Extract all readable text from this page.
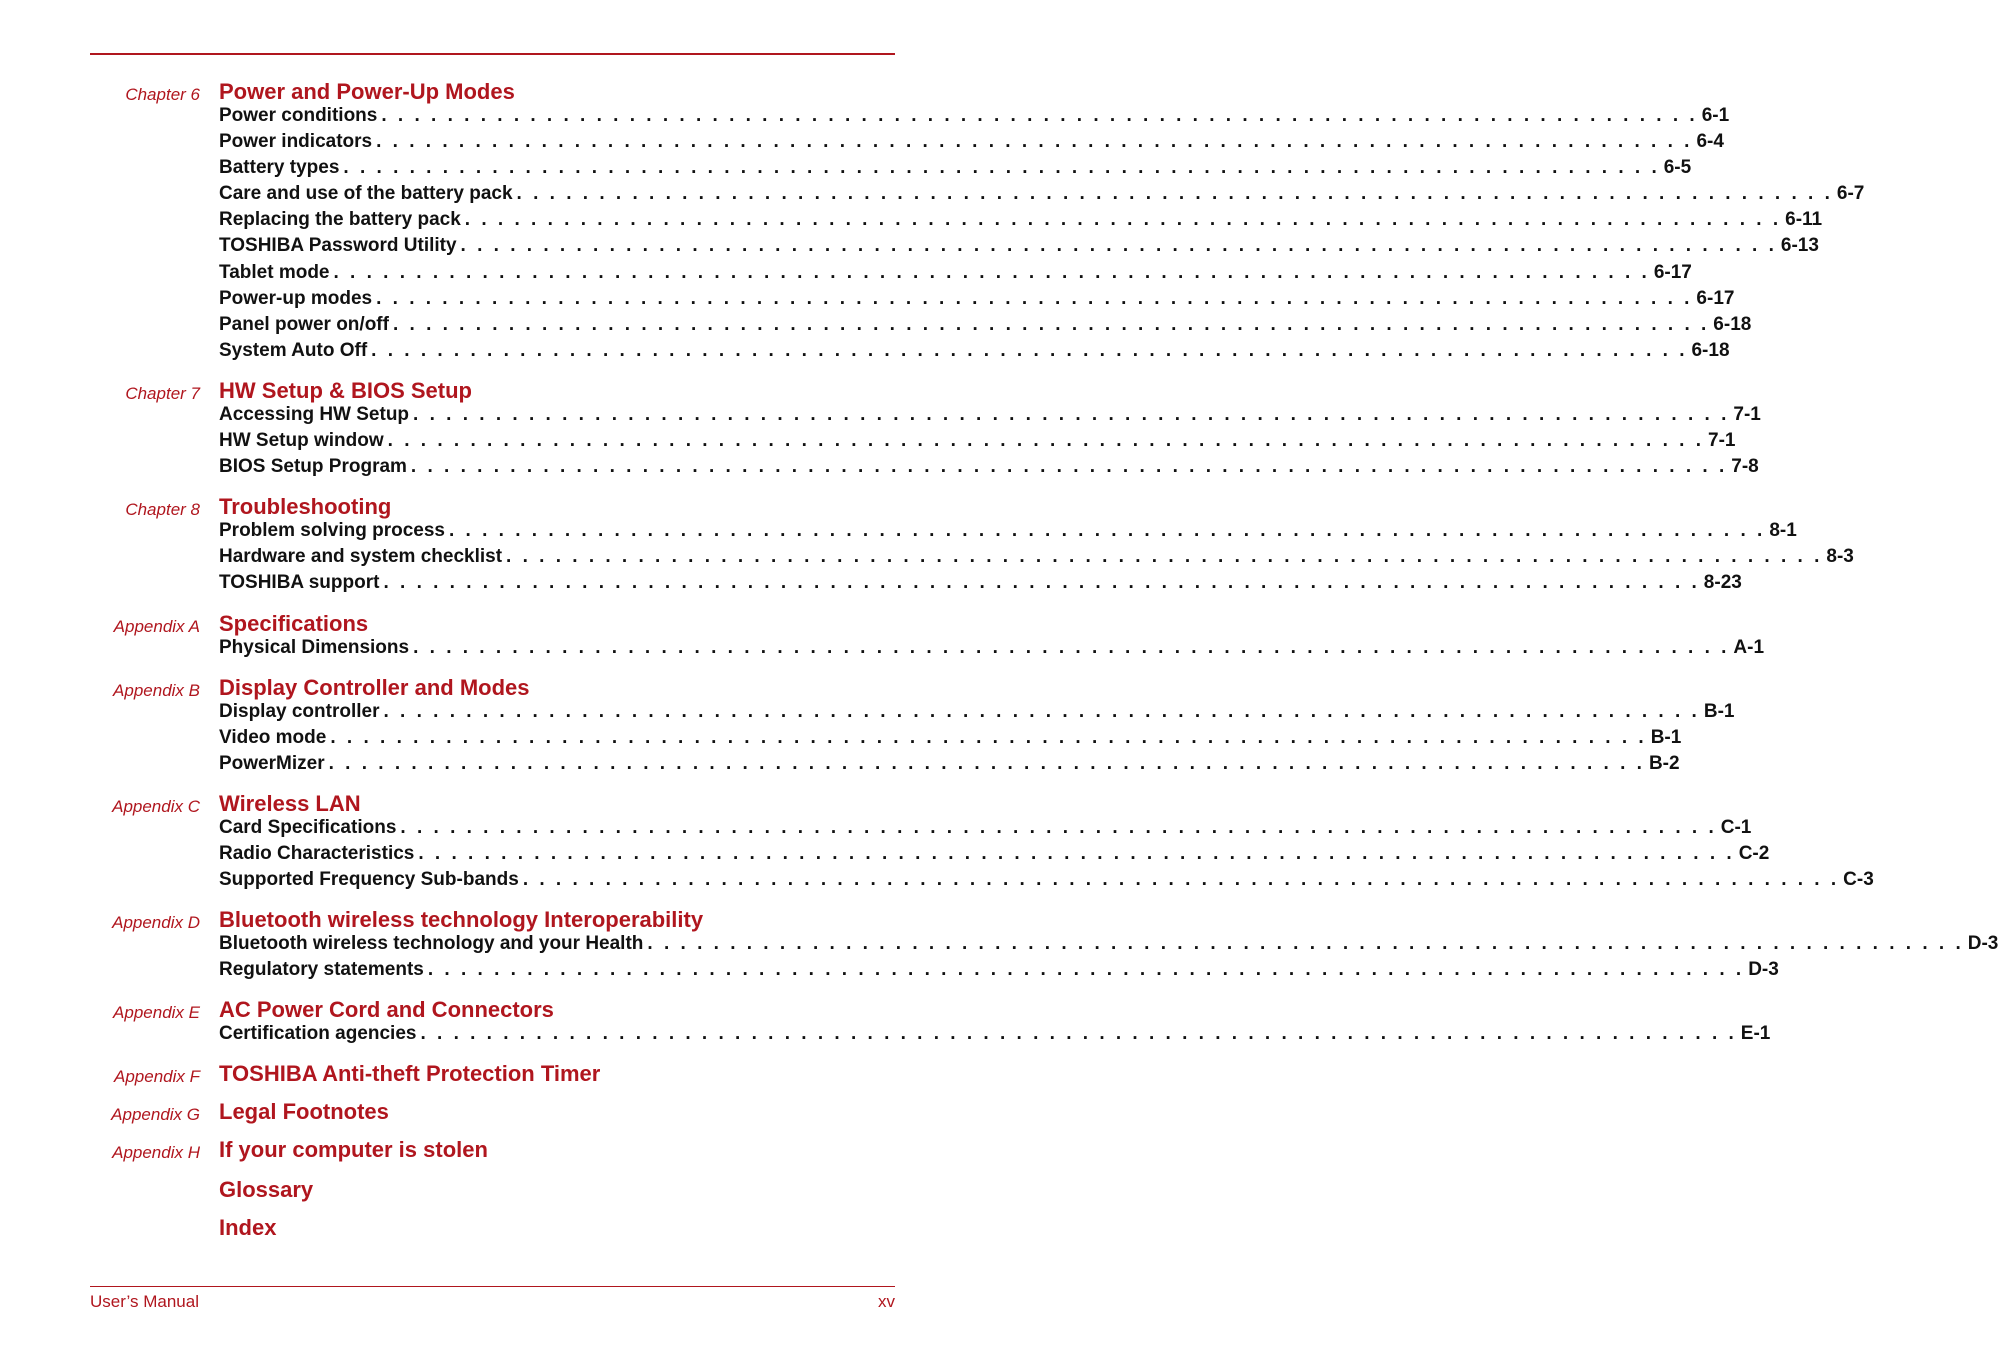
Chapter 6 Power and Power-Up Modes
Power conditions . . . . . . . . . . . . . . . . . . . . . . . . . . . . . . . . . . . . . . . . . . . . . . . . . . . . . . . . . . . . . . . . . . . . . . . . . . . . . . . . 6-1
Power indicators . . . . . . . . . . . . . . . . . . . . . . . . . . . . . . . . . . . . . . . . . . . . . . . . . . . . . . . . . . . . . . . . . . . . . . . . . . . . . . . . 6-4
Battery types . . . . . . . . . . . . . . . . . . . . . . . . . . . . . . . . . . . . . . . . . . . . . . . . . . . . . . . . . . . . . . . . . . . . . . . . . . . . . . . . 6-5
Care and use of the battery pack . . . . . . . . . . . . . . . . . . . . . . . . . . . . . . . . . . . . . . . . . . . . . . . . . . . . . . . . . . . . . . . . . . . . . . . . . . . . . . . . 6-7
Replacing the battery pack . . . . . . . . . . . . . . . . . . . . . . . . . . . . . . . . . . . . . . . . . . . . . . . . . . . . . . . . . . . . . . . . . . . . . . . . . . . . . . . . 6-11
TOSHIBA Password Utility . . . . . . . . . . . . . . . . . . . . . . . . . . . . . . . . . . . . . . . . . . . . . . . . . . . . . . . . . . . . . . . . . . . . . . . . . . . . . . . . 6-13
Tablet mode . . . . . . . . . . . . . . . . . . . . . . . . . . . . . . . . . . . . . . . . . . . . . . . . . . . . . . . . . . . . . . . . . . . . . . . . . . . . . . . . 6-17
Power-up modes . . . . . . . . . . . . . . . . . . . . . . . . . . . . . . . . . . . . . . . . . . . . . . . . . . . . . . . . . . . . . . . . . . . . . . . . . . . . . . . . 6-17
Panel power on/off . . . . . . . . . . . . . . . . . . . . . . . . . . . . . . . . . . . . . . . . . . . . . . . . . . . . . . . . . . . . . . . . . . . . . . . . . . . . . . . . 6-18
System Auto Off . . . . . . . . . . . . . . . . . . . . . . . . . . . . . . . . . . . . . . . . . . . . . . . . . . . . . . . . . . . . . . . . . . . . . . . . . . . . . . . . 6-18
Chapter 7 HW Setup & BIOS Setup
Accessing HW Setup . . . . . . . . . . . . . . . . . . . . . . . . . . . . . . . . . . . . . . . . . . . . . . . . . . . . . . . . . . . . . . . . . . . . . . . . . . . . . . . . 7-1
HW Setup window . . . . . . . . . . . . . . . . . . . . . . . . . . . . . . . . . . . . . . . . . . . . . . . . . . . . . . . . . . . . . . . . . . . . . . . . . . . . . . . . 7-1
BIOS Setup Program . . . . . . . . . . . . . . . . . . . . . . . . . . . . . . . . . . . . . . . . . . . . . . . . . . . . . . . . . . . . . . . . . . . . . . . . . . . . . . . . 7-8
Chapter 8 Troubleshooting
Problem solving process . . . . . . . . . . . . . . . . . . . . . . . . . . . . . . . . . . . . . . . . . . . . . . . . . . . . . . . . . . . . . . . . . . . . . . . . . . . . . . . . 8-1
Hardware and system checklist . . . . . . . . . . . . . . . . . . . . . . . . . . . . . . . . . . . . . . . . . . . . . . . . . . . . . . . . . . . . . . . . . . . . . . . . . . . . . . . . 8-3
TOSHIBA support . . . . . . . . . . . . . . . . . . . . . . . . . . . . . . . . . . . . . . . . . . . . . . . . . . . . . . . . . . . . . . . . . . . . . . . . . . . . . . . . 8-23
Appendix A Specifications
Physical Dimensions . . . . . . . . . . . . . . . . . . . . . . . . . . . . . . . . . . . . . . . . . . . . . . . . . . . . . . . . . . . . . . . . . . . . . . . . . . . . . . . . A-1
Appendix B Display Controller and Modes
Display controller . . . . . . . . . . . . . . . . . . . . . . . . . . . . . . . . . . . . . . . . . . . . . . . . . . . . . . . . . . . . . . . . . . . . . . . . . . . . . . . . B-1
Video mode . . . . . . . . . . . . . . . . . . . . . . . . . . . . . . . . . . . . . . . . . . . . . . . . . . . . . . . . . . . . . . . . . . . . . . . . . . . . . . . . B-1
PowerMizer . . . . . . . . . . . . . . . . . . . . . . . . . . . . . . . . . . . . . . . . . . . . . . . . . . . . . . . . . . . . . . . . . . . . . . . . . . . . . . . . B-2
Appendix C Wireless LAN
Card Specifications . . . . . . . . . . . . . . . . . . . . . . . . . . . . . . . . . . . . . . . . . . . . . . . . . . . . . . . . . . . . . . . . . . . . . . . . . . . . . . . . C-1
Radio Characteristics . . . . . . . . . . . . . . . . . . . . . . . . . . . . . . . . . . . . . . . . . . . . . . . . . . . . . . . . . . . . . . . . . . . . . . . . . . . . . . . . C-2
Supported Frequency Sub-bands . . . . . . . . . . . . . . . . . . . . . . . . . . . . . . . . . . . . . . . . . . . . . . . . . . . . . . . . . . . . . . . . . . . . . . . . . . . . . . . . C-3
Appendix D Bluetooth wireless technology Interoperability
Bluetooth wireless technology and your Health . . . . . . . . . . . . . . . . . . . . . . . . . . . . . . . . . . . . . . . . . . . . . . . . . . . . . . . . . . . . . . . . . . . . . . . . . . . . . . . . D-3
Regulatory statements . . . . . . . . . . . . . . . . . . . . . . . . . . . . . . . . . . . . . . . . . . . . . . . . . . . . . . . . . . . . . . . . . . . . . . . . . . . . . . . . D-3
Appendix E AC Power Cord and Connectors
Certification agencies . . . . . . . . . . . . . . . . . . . . . . . . . . . . . . . . . . . . . . . . . . . . . . . . . . . . . . . . . . . . . . . . . . . . . . . . . . . . . . . . E-1
Appendix F TOSHIBA Anti-theft Protection Timer
Appendix G Legal Footnotes
Appendix H If your computer is stolen
Glossary
Index
User’s Manual	xv
